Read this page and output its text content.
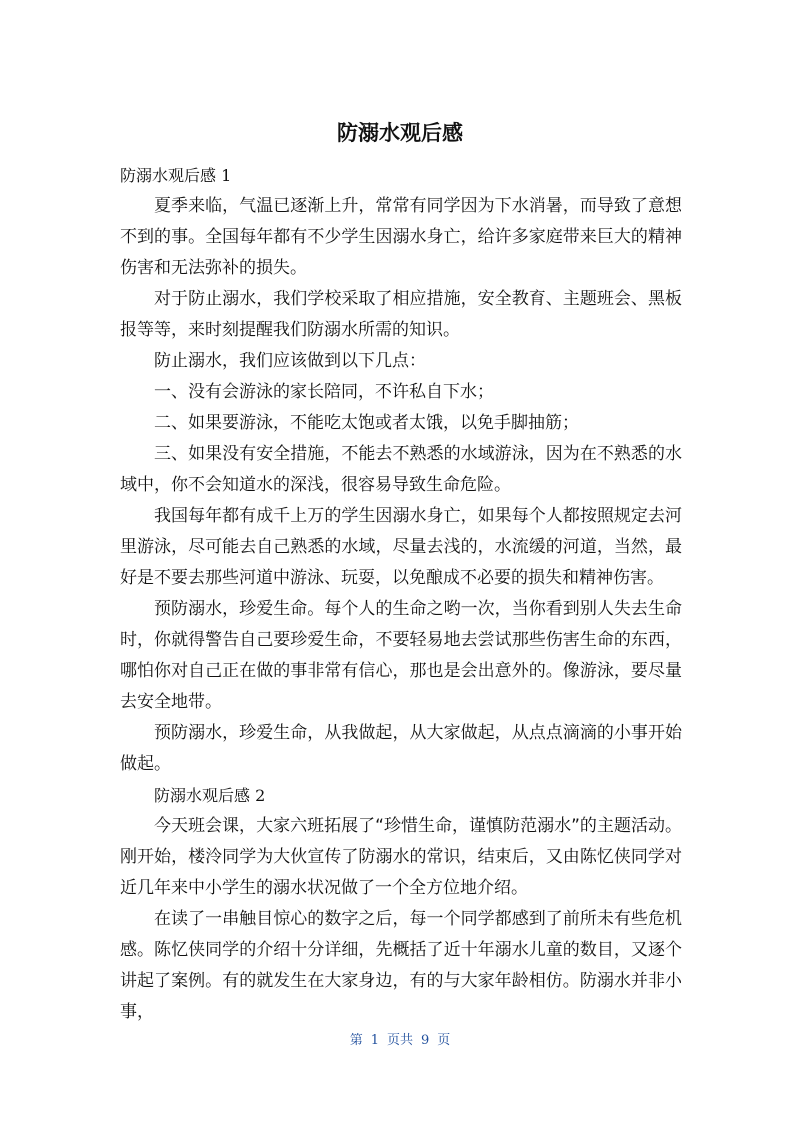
防溺水观后感

防溺水观后感 1

夏季来临，气温已逐渐上升，常常有同学因为下水消暑，而导致了意想不到的事。全国每年都有不少学生因溺水身亡，给许多家庭带来巨大的精神伤害和无法弥补的损失。

对于防止溺水，我们学校采取了相应措施，安全教育、主题班会、黑板报等等，来时刻提醒我们防溺水所需的知识。

防止溺水，我们应该做到以下几点：

一、没有会游泳的家长陪同，不许私自下水；

二、如果要游泳，不能吃太饱或者太饿，以免手脚抽筋；

三、如果没有安全措施，不能去不熟悉的水域游泳，因为在不熟悉的水域中，你不会知道水的深浅，很容易导致生命危险。

我国每年都有成千上万的学生因溺水身亡，如果每个人都按照规定去河里游泳，尽可能去自己熟悉的水域，尽量去浅的，水流缓的河道，当然，最好是不要去那些河道中游泳、玩耍，以免酿成不必要的损失和精神伤害。

预防溺水，珍爱生命。每个人的生命之哟一次，当你看到别人失去生命时，你就得警告自己要珍爱生命，不要轻易地去尝试那些伤害生命的东西，哪怕你对自己正在做的事非常有信心，那也是会出意外的。像游泳，要尽量去安全地带。

预防溺水，珍爱生命，从我做起，从大家做起，从点点滴滴的小事开始做起。

防溺水观后感 2

今天班会课，大家六班拓展了“珍惜生命，谨慎防范溺水”的主题活动。刚开始，楼泠同学为大伙宣传了防溺水的常识，结束后，又由陈忆侠同学对近几年来中小学生的溺水状况做了一个全方位地介绍。

在读了一串触目惊心的数字之后，每一个同学都感到了前所未有些危机感。陈忆侠同学的介绍十分详细，先概括了近十年溺水儿童的数目，又逐个讲起了案例。有的就发生在大家身边，有的与大家年龄相仿。防溺水并非小事，

第 1 页共 9 页
